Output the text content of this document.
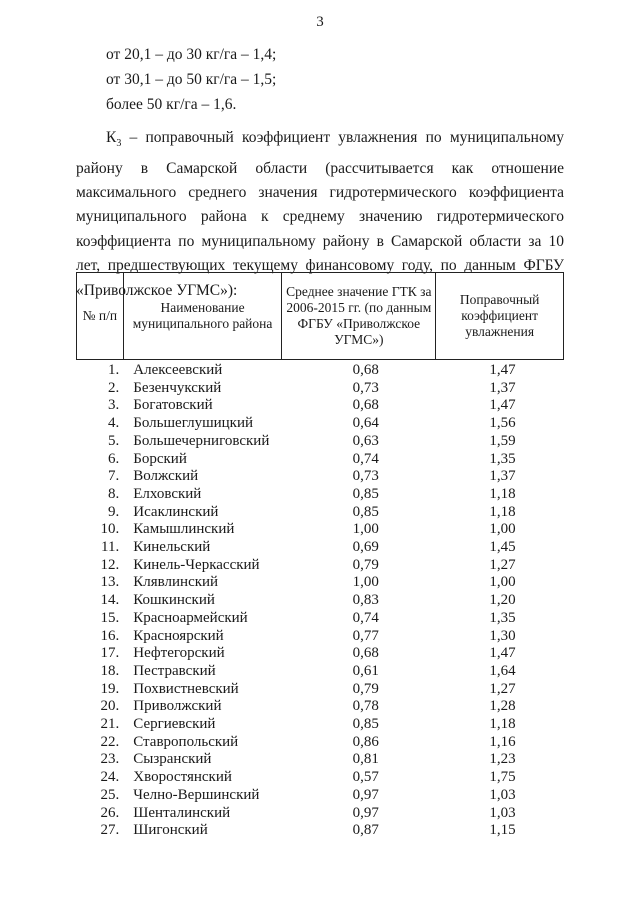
3
от 20,1 – до 30 кг/га – 1,4;
от 30,1 – до 50 кг/га – 1,5;
более 50 кг/га – 1,6.
$К_3$ – поправочный коэффициент увлажнения по муниципальному району в Самарской области (рассчитывается как отношение максимального среднего значения гидротермического коэффициента муниципального района к среднему значению гидротермического коэффициента по муниципальному району в Самарской области за 10 лет, предшествующих текущему финансовому году, по данным ФГБУ «Приволжское УГМС»):
№ п/п	Наименование муниципального района	Среднее значение ГТК за 2006-2015 гг. (по данным ФГБУ «Приволжское УГМС»)	Поправочный коэффициент увлажнения
1.	Алексеевский	0,68	1,47
2.	Безенчукский	0,73	1,37
3.	Богатовский	0,68	1,47
4.	Большеглушицкий	0,64	1,56
5.	Большечерниговский	0,63	1,59
6.	Борский	0,74	1,35
7.	Волжский	0,73	1,37
8.	Елховский	0,85	1,18
9.	Исаклинский	0,85	1,18
10.	Камышлинский	1,00	1,00
11.	Кинельский	0,69	1,45
12.	Кинель-Черкасский	0,79	1,27
13.	Клявлинский	1,00	1,00
14.	Кошкинский	0,83	1,20
15.	Красноармейский	0,74	1,35
16.	Красноярский	0,77	1,30
17.	Нефтегорский	0,68	1,47
18.	Пестравский	0,61	1,64
19.	Похвистневский	0,79	1,27
20.	Приволжский	0,78	1,28
21.	Сергиевский	0,85	1,18
22.	Ставропольский	0,86	1,16
23.	Сызранский	0,81	1,23
24.	Хворостянский	0,57	1,75
25.	Челно-Вершинский	0,97	1,03
26.	Шенталинский	0,97	1,03
27.	Шигонский	0,87	1,15
